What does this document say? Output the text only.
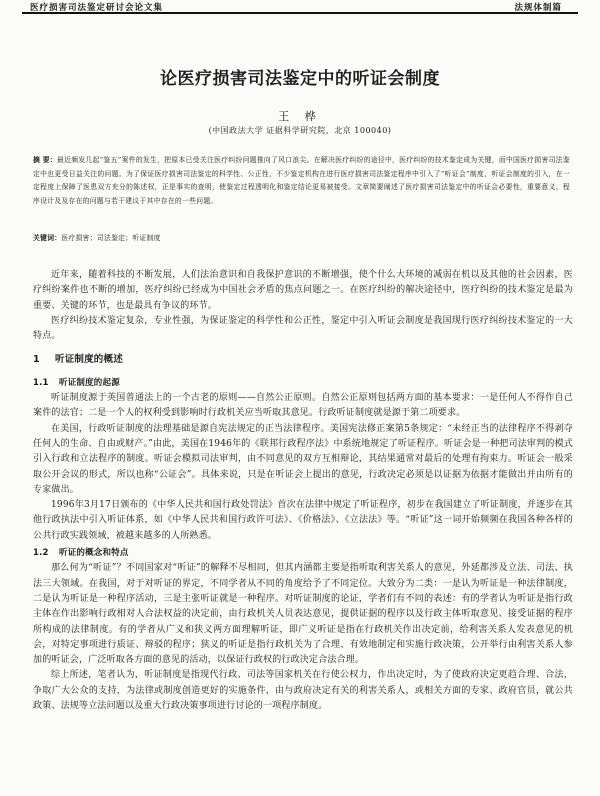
医疗损害司法鉴定研讨会论文集	法规体制篇
论医疗损害司法鉴定中的听证会制度
王 桦
(中国政法大学 证据科学研究院，北京 100040)
摘 要：最近频发几起“鉴五”案件的发生，把原本已受关注医疗纠纷问题推向了风口浪尖。在解决医疗纠纷的途径中，医疗纠纷的技术鉴定成为关键，而中国医疗损害司法鉴定中也更受日益关注的问题。为了保证医疗损害司法鉴定的科学性、公正性，不少鉴定机构在进行医疗损害司法鉴定程序中引入了“听证会”制度，听证会制度的引入，在一定程度上保障了医患双方充分的陈述权，正是事实的查明，使鉴定过程透明化和鉴定结论更易被接受。文章简要阐述了医疗损害司法鉴定中的听证会必要性，重要意义，程序设计及及存在的问题与若干建议于其中存在的一些问题。
关键词：医疗损害；司法鉴定；听证制度

近年来，随着科技的不断发展，人们法治意识和自我保护意识的不断增强，使个什么大环境的减弱在机以及其他的社会因素，医疗纠纷案件也不断的增加，医疗纠纷已经成为中国社会矛盾的焦点问题之一。在医疗纠纷的解决途径中，医疗纠纷的技术鉴定是最为重要、关键的环节，也是最具有争议的环节。

医疗纠纷技术鉴定复杂，专业性强，为保证鉴定的科学性和公正性，鉴定中引入听证会制度是我国现行医疗纠纷技术鉴定的一大特点。

1 听证制度的概述
1.1 听证制度的起源

听证制度源于英国普通法上的一个古老的原则——自然公正原则。自然公正原则包括两方面的基本要求：一是任何人不得作自己案件的法官；二是一个人的权利受到影响时行政机关应当听取其意见。行政听证制度就是源于第二项要求。

在美国，行政听证制度的法理基础是源自宪法规定的正当法律程序。美国宪法修正案第5条规定：“未经正当的法律程序不得剥夺任何人的生命、自由或财产。”由此，美国在1946年的《联邦行政程序法》中系统地规定了听证程序。听证会是一种把司法审判的模式引入行政和立法程序的制度。听证会模拟司法审判，由不同意见的双方互相辩论，其结果通常对最后的处理有拘束力。听证会一般采取公开会议的形式，所以也称“公证会”。具体来说，只是在听证会上提出的意见，行政决定必须是以证据为依据才能做出并由所有的专家做出。

1996年3月17日颁布的《中华人民共和国行政处罚法》首次在法律中规定了听证程序，初步在我国建立了听证制度，并逐步在其他行政执法中引入听证体系，如《中华人民共和国行政许可法》、《价格法》、《立法法》等。“听证”这一词开始频频在我国各种各样的公共行政实践领域，被越来越多的人所熟悉。

1.2 听证的概念和特点

那么何为“听证”？不同国家对“听证”的解释不尽相同，但其内涵都主要是指听取利害关系人的意见，外延都涉及立法、司法、执法三大领域。在我国，对于对听证的界定，不同学者从不同的角度给予了不同定位。大致分为二类：一是认为听证是一种法律制度，二是认为听证是一种程序活动，三是主张听证就是一种程序。对听证制度的论证，学者们有不同的表述：有的学者认为听证是指行政主体在作出影响行政相对人合法权益的决定前，由行政机关人员表达意见，提供证据的程序以及行政主体听取意见、接受证据的程序所构成的法律制度。有的学者从广义和狭义两方面理解听证，即广义听证是指在行政机关作出决定前，给利害关系人发表意见的机会，对特定事项进行质证、辩驳的程序；狭义的听证是指行政机关为了合理、有效地制定和实施行政决策，公开举行由利害关系人参加的听证会，广泛听取各方面的意见的活动，以保证行政权的行政决定合法合理。

综上所述，笔者认为，听证制度是指现代行政、司法等国家机关在行使公权力，作出决定时，为了使政府决定更趋合理、合法，争取广大公众的支持，为法律或制度创造更好的实施条件，由与政府决定有关的利害关系人，或相关方面的专家、政府官员，就公共政策、法规等立法问题以及重大行政决策事项进行讨论的一项程序制度。
